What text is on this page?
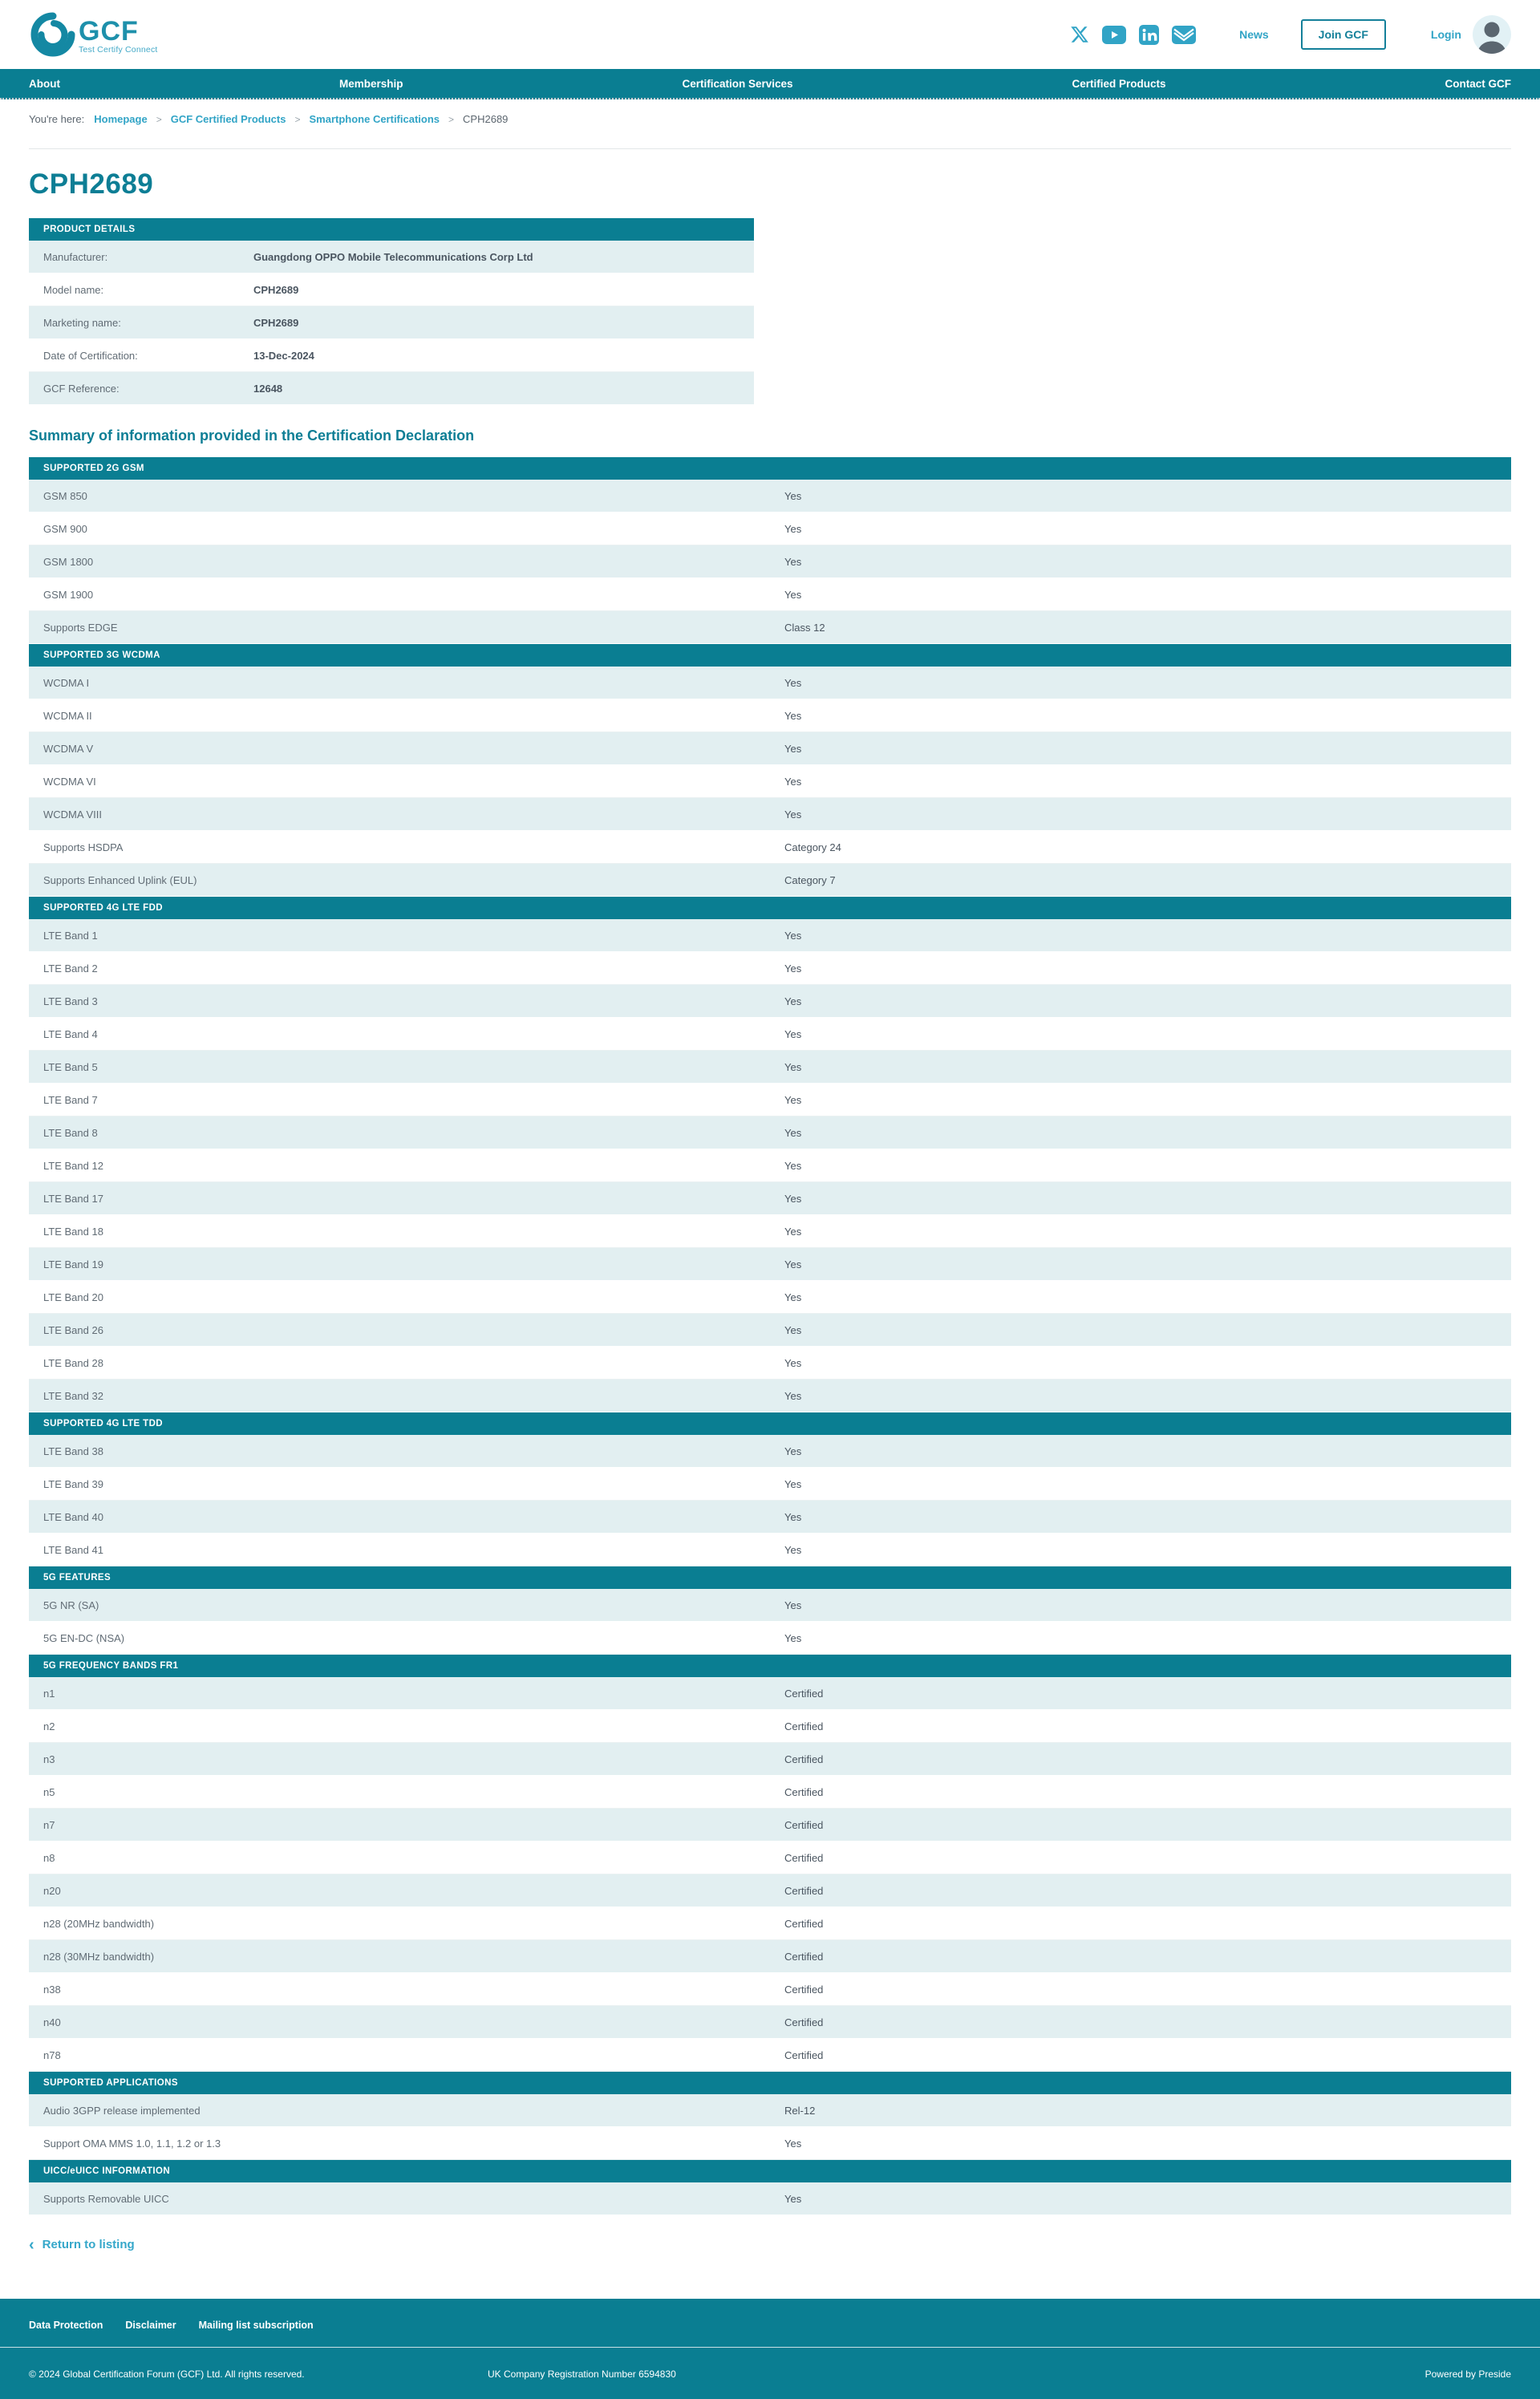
GCF
Test Certify Connect
News	Join GCF	Login
About	Membership	Certification Services	Certified Products	Contact GCF
You're here: Homepage > GCF Certified Products > Smartphone Certifications > CPH2689
CPH2689
PRODUCT DETAILS
Manufacturer:	Guangdong OPPO Mobile Telecommunications Corp Ltd
Model name:	CPH2689
Marketing name:	CPH2689
Date of Certification:	13-Dec-2024
GCF Reference:	12648
Summary of information provided in the Certification Declaration
SUPPORTED 2G GSM
GSM 850	Yes
GSM 900	Yes
GSM 1800	Yes
GSM 1900	Yes
Supports EDGE	Class 12
SUPPORTED 3G WCDMA
WCDMA I	Yes
WCDMA II	Yes
WCDMA V	Yes
WCDMA VI	Yes
WCDMA VIII	Yes
Supports HSDPA	Category 24
Supports Enhanced Uplink (EUL)	Category 7
SUPPORTED 4G LTE FDD
LTE Band 1	Yes
LTE Band 2	Yes
LTE Band 3	Yes
LTE Band 4	Yes
LTE Band 5	Yes
LTE Band 7	Yes
LTE Band 8	Yes
LTE Band 12	Yes
LTE Band 17	Yes
LTE Band 18	Yes
LTE Band 19	Yes
LTE Band 20	Yes
LTE Band 26	Yes
LTE Band 28	Yes
LTE Band 32	Yes
SUPPORTED 4G LTE TDD
LTE Band 38	Yes
LTE Band 39	Yes
LTE Band 40	Yes
LTE Band 41	Yes
5G FEATURES
5G NR (SA)	Yes
5G EN-DC (NSA)	Yes
5G FREQUENCY BANDS FR1
n1	Certified
n2	Certified
n3	Certified
n5	Certified
n7	Certified
n8	Certified
n20	Certified
n28 (20MHz bandwidth)	Certified
n28 (30MHz bandwidth)	Certified
n38	Certified
n40	Certified
n78	Certified
SUPPORTED APPLICATIONS
Audio 3GPP release implemented	Rel-12
Support OMA MMS 1.0, 1.1, 1.2 or 1.3	Yes
UICC/eUICC INFORMATION
Supports Removable UICC	Yes
‹ Return to listing
Data Protection Disclaimer Mailing list subscription
© 2024 Global Certification Forum (GCF) Ltd. All rights reserved.	UK Company Registration Number 6594830	Powered by Preside
